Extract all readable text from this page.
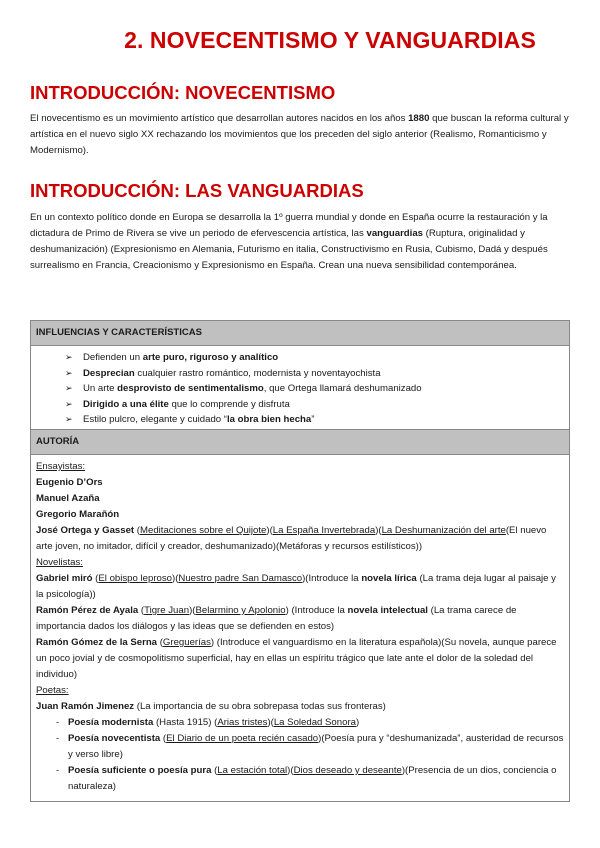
2. NOVECENTISMO Y VANGUARDIAS
INTRODUCCIÓN: NOVECENTISMO

El novecentismo es un movimiento artístico que desarrollan autores nacidos en los años 1880 que buscan la reforma cultural y artística en el nuevo siglo XX rechazando los movimientos que los preceden del siglo anterior (Realismo, Romanticismo y Modernismo).

INTRODUCCIÓN: LAS VANGUARDIAS

En un contexto político donde en Europa se desarrolla la 1º guerra mundial y donde en España ocurre la restauración y la dictadura de Primo de Rivera se vive un periodo de efervescencia artística, las vanguardias (Ruptura, originalidad y deshumanización) (Expresionismo en Alemania, Futurismo en italia, Constructivismo en Rusia, Cubismo, Dadá y después surrealismo en Francia, Creacionismo y Expresionismo en España. Crean una nueva sensibilidad contemporánea.

INFLUENCIAS Y CARACTERÍSTICAS
➢ Defienden un arte puro, riguroso y analítico
➢ Desprecian cualquier rastro romántico, modernista y noventayochista
➢ Un arte desprovisto de sentimentalismo, que Ortega llamará deshumanizado
➢ Dirigido a una élite que lo comprende y disfruta
➢ Estilo pulcro, elegante y cuidado “la obra bien hecha”
AUTORÍA
Ensayistas:
Eugenio D’Ors
Manuel Azaña
Gregorio Marañón
José Ortega y Gasset (Meditaciones sobre el Quijote)(La España Invertebrada)(La Deshumanización del arte(El nuevo arte joven, no imitador, difícil y creador, deshumanizado)(Metáforas y recursos estilísticos))
Novelistas:
Gabriel miró (El obispo leproso)(Nuestro padre San Damasco)(Introduce la novela lírica (La trama deja lugar al paisaje y la psicología))
Ramón Pérez de Ayala (Tigre Juan)(Belarmino y Apolonio) (Introduce la novela intelectual (La trama carece de importancia dados los diálogos y las ideas que se defienden en estos)
Ramón Gómez de la Serna (Greguerías) (Introduce el vanguardismo en la literatura española)(Su novela, aunque parece un poco jovial y de cosmopolitismo superficial, hay en ellas un espíritu trágico que late ante el dolor de la soledad del individuo)
Poetas:
Juan Ramón Jimenez (La importancia de su obra sobrepasa todas sus fronteras)
- Poesía modernista (Hasta 1915) (Arias tristes)(La Soledad Sonora)
- Poesía novecentista (El Diario de un poeta recién casado)(Poesía pura y “deshumanizada”, austeridad de recursos y verso libre)
- Poesía suficiente o poesía pura (La estación total)(Dios deseado y deseante)(Presencia de un dios, conciencia o naturaleza)
